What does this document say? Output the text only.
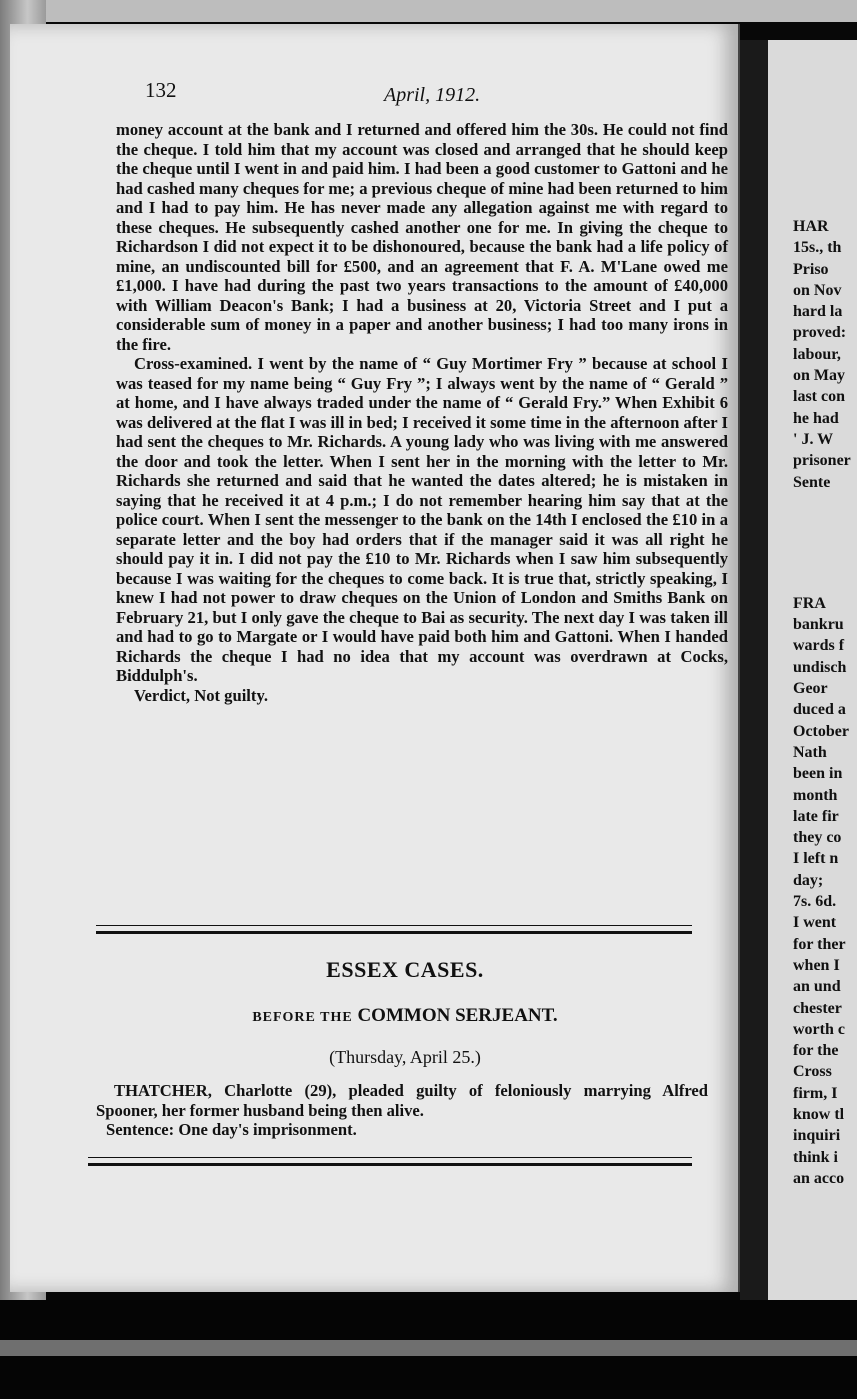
132	April, 1912.

money account at the bank and I returned and offered him the 30s. He could not find the cheque. I told him that my account was closed and arranged that he should keep the cheque until I went in and paid him. I had been a good customer to Gattoni and he had cashed many cheques for me; a previous cheque of mine had been returned to him and I had to pay him. He has never made any allegation against me with regard to these cheques. He subsequently cashed another one for me. In giving the cheque to Richardson I did not expect it to be dishonoured, because the bank had a life policy of mine, an undiscounted bill for £500, and an agreement that F. A. M'Lane owed me £1,000. I have had during the past two years transactions to the amount of £40,000 with William Deacon's Bank; I had a business at 20, Victoria Street and I put a considerable sum of money in a paper and another business; I had too many irons in the fire.

Cross-examined. I went by the name of “ Guy Mortimer Fry ” because at school I was teased for my name being “ Guy Fry ”; I always went by the name of “ Gerald ” at home, and I have always traded under the name of “ Gerald Fry.” When Exhibit 6 was delivered at the flat I was ill in bed; I received it some time in the afternoon after I had sent the cheques to Mr. Richards. A young lady who was living with me answered the door and took the letter. When I sent her in the morning with the letter to Mr. Richards she returned and said that he wanted the dates altered; he is mistaken in saying that he received it at 4 p.m.; I do not remember hearing him say that at the police court. When I sent the messenger to the bank on the 14th I enclosed the £10 in a separate letter and the boy had orders that if the manager said it was all right he should pay it in. I did not pay the £10 to Mr. Richards when I saw him subsequently because I was waiting for the cheques to come back. It is true that, strictly speaking, I knew I had not power to draw cheques on the Union of London and Smiths Bank on February 21, but I only gave the cheque to Bai as security. The next day I was taken ill and had to go to Margate or I would have paid both him and Gattoni. When I handed Richards the cheque I had no idea that my account was overdrawn at Cocks, Biddulph's.

Verdict, Not guilty.

ESSEX CASES.
BEFORE THE COMMON SERJEANT.
(Thursday, April 25.)

THATCHER, Charlotte (29), pleaded guilty of feloniously marrying Alfred Spooner, her former husband being then alive.

Sentence: One day's imprisonment.

HAR
15s., th
Priso
on Nov
hard la
proved:
labour,
on May
last con
he had
' J. W
prisoner
Sente
FRA
bankru
wards f
undisch
Geor
duced a
October
Nath
been in
month
late fir
they co
I left n
day;
7s. 6d.
I went
for ther
when I
an und
chester
worth c
for the
Cross
firm, I
know tl
inquiri
think i
an acco
